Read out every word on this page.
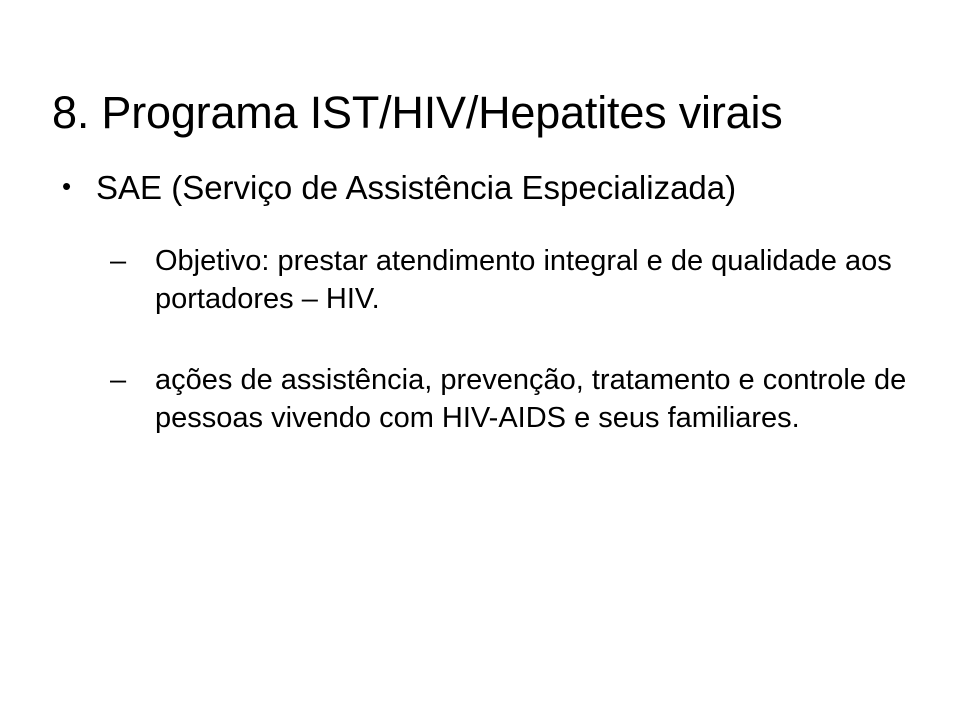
8. Programa IST/HIV/Hepatites virais
• SAE (Serviço de Assistência Especializada)
– Objetivo: prestar atendimento integral e de qualidade aos portadores – HIV.
– ações de assistência, prevenção, tratamento e controle de pessoas vivendo com HIV-AIDS e seus familiares.
